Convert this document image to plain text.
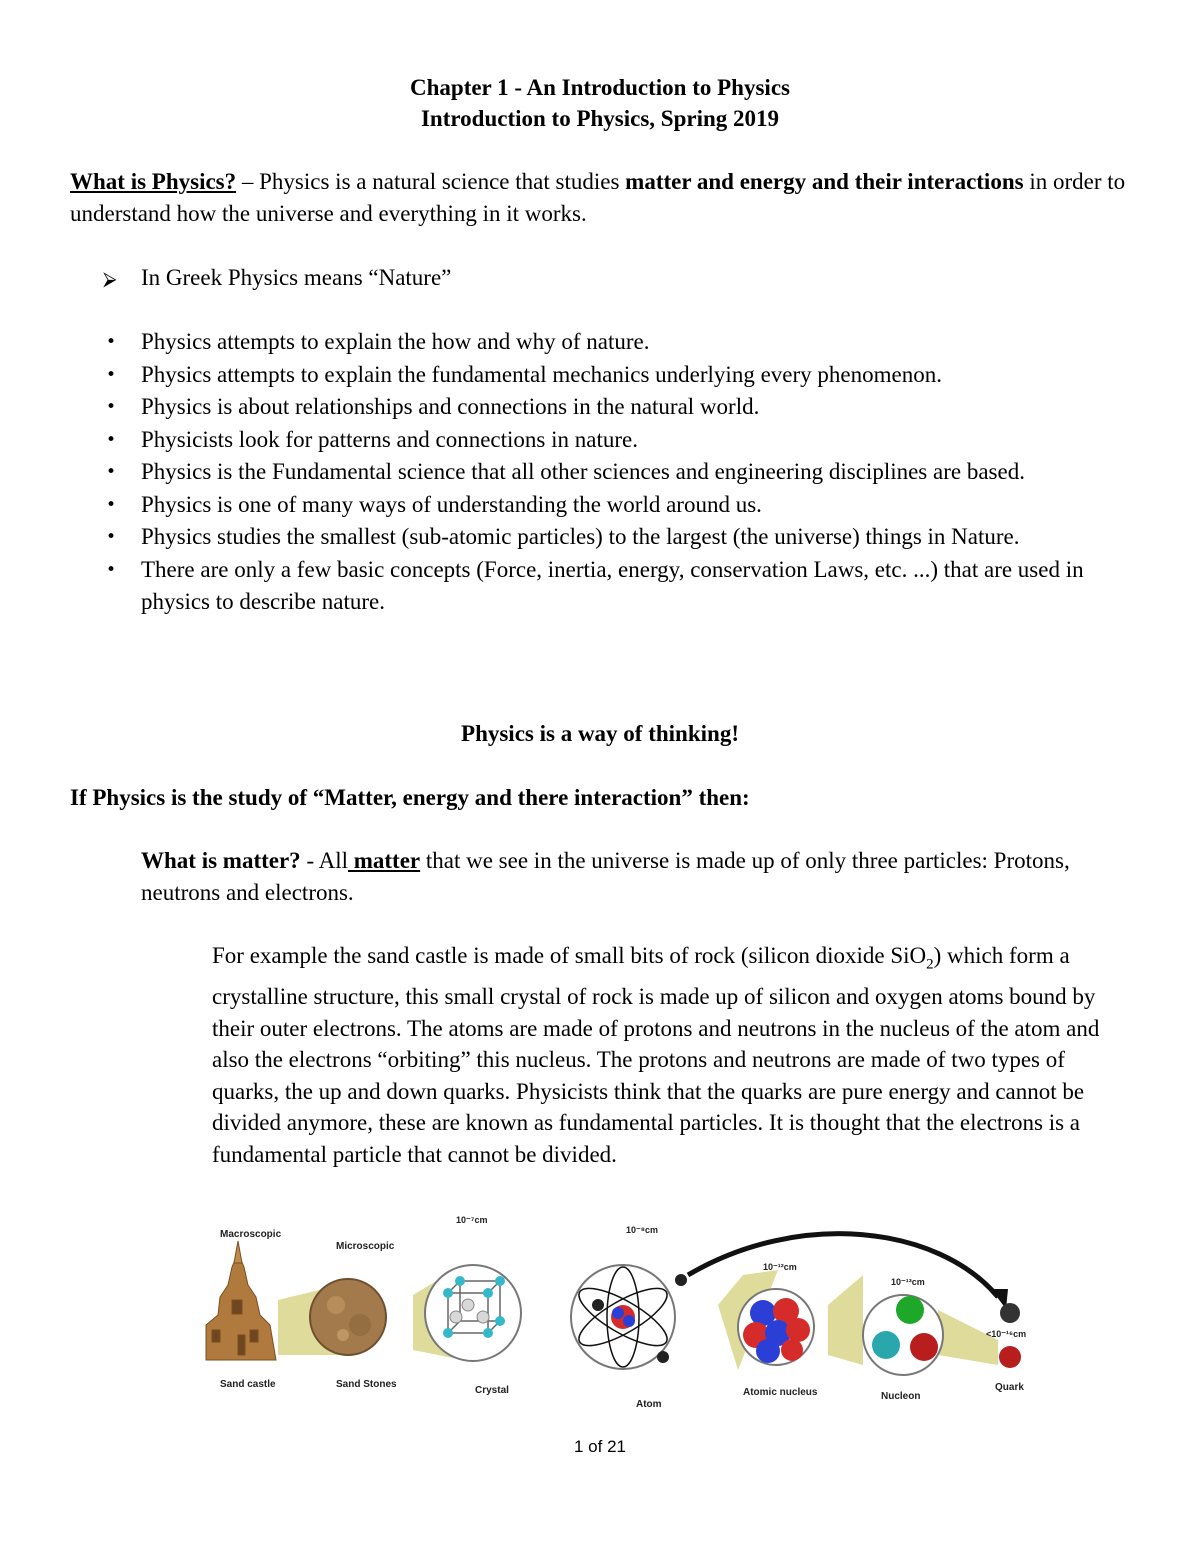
Chapter 1 - An Introduction to Physics
Introduction to Physics, Spring 2019

What is Physics? – Physics is a natural science that studies matter and energy and their interactions in order to understand how the universe and everything in it works.

⮚ In Greek Physics means “Nature”
• Physics attempts to explain the how and why of nature.
• Physics attempts to explain the fundamental mechanics underlying every phenomenon.
• Physics is about relationships and connections in the natural world.
• Physicists look for patterns and connections in nature.
• Physics is the Fundamental science that all other sciences and engineering disciplines are based.
• Physics is one of many ways of understanding the world around us.
• Physics studies the smallest (sub-atomic particles) to the largest (the universe) things in Nature.
• There are only a few basic concepts (Force, inertia, energy, conservation Laws, etc. ...) that are used in physics to describe nature.
Physics is a way of thinking!
If Physics is the study of “Matter, energy and there interaction” then:

What is matter? - All matter that we see in the universe is made up of only three particles: Protons, neutrons and electrons.

For example the sand castle is made of small bits of rock (silicon dioxide SiO$_2$) which form a crystalline structure, this small crystal of rock is made up of silicon and oxygen atoms bound by their outer electrons. The atoms are made of protons and neutrons in the nucleus of the atom and also the electrons “orbiting” this nucleus. The protons and neutrons are made of two types of quarks, the up and down quarks. Physicists think that the quarks are pure energy and cannot be divided anymore, these are known as fundamental particles. It is thought that the electrons is a fundamental particle that cannot be divided.

Macroscopic
Microscopic
10⁻⁷cm
10⁻⁸cm
10⁻¹²cm
10⁻¹³cm
<10⁻¹⁶cm
Sand castle	Sand Stones
Crystal
Atom
Atomic nucleus	Nucleon
Quark
1 of 21
